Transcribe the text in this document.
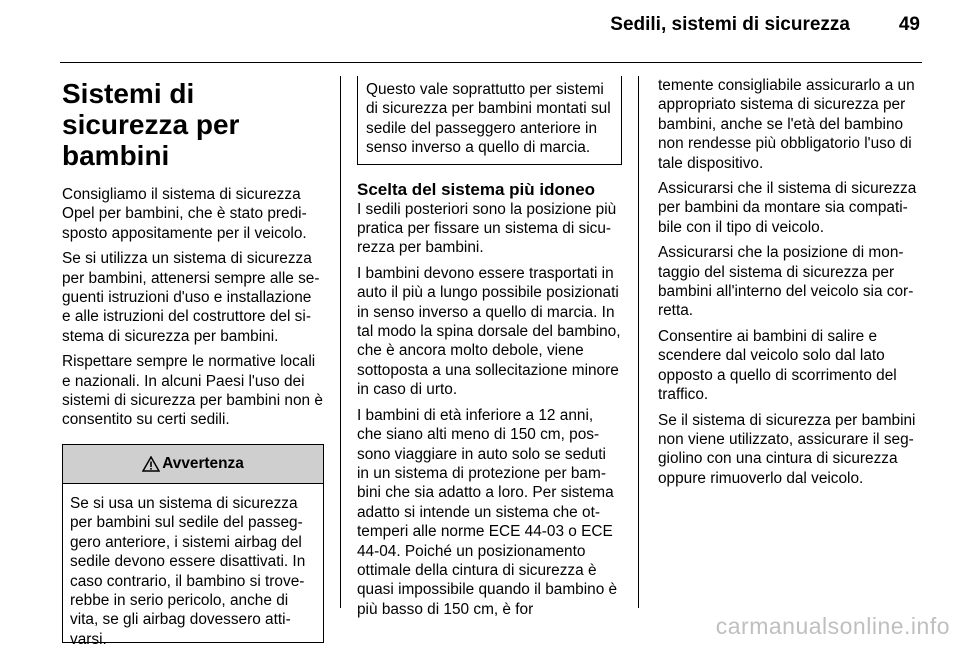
Sedili, sistemi di sicurezza	49
Sistemi di sicurezza per bambini

Consigliamo il sistema di sicurezza Opel per bambini, che è stato predisposto appositamente per il veicolo.

Se si utilizza un sistema di sicurezza per bambini, attenersi sempre alle seguenti istruzioni d'uso e installazione e alle istruzioni del costruttore del sistema di sicurezza per bambini.

Rispettare sempre le normative locali e nazionali. In alcuni Paesi l'uso dei sistemi di sicurezza per bambini non è consentito su certi sedili.

Avvertenza
Se si usa un sistema di sicurezza per bambini sul sedile del passeggero anteriore, i sistemi airbag del sedile devono essere disattivati. In caso contrario, il bambino si troverebbe in serio pericolo, anche di vita, se gli airbag dovessero attivarsi.
Questo vale soprattutto per sistemi di sicurezza per bambini montati sul sedile del passeggero anteriore in senso inverso a quello di marcia.
Scelta del sistema più idoneo

I sedili posteriori sono la posizione più pratica per fissare un sistema di sicurezza per bambini.

I bambini devono essere trasportati in auto il più a lungo possibile posizionati in senso inverso a quello di marcia. In tal modo la spina dorsale del bambino, che è ancora molto debole, viene sottoposta a una sollecitazione minore in caso di urto.

I bambini di età inferiore a 12 anni, che siano alti meno di 150 cm, possono viaggiare in auto solo se seduti in un sistema di protezione per bambini che sia adatto a loro. Per sistema adatto si intende un sistema che ottemperi alle norme ECE 44-03 o ECE 44-04. Poiché un posizionamento ottimale della cintura di sicurezza è quasi impossibile quando il bambino è più basso di 150 cm, è for

temente consigliabile assicurarlo a un appropriato sistema di sicurezza per bambini, anche se l'età del bambino non rendesse più obbligatorio l'uso di tale dispositivo.

Assicurarsi che il sistema di sicurezza per bambini da montare sia compatibile con il tipo di veicolo.

Assicurarsi che la posizione di montaggio del sistema di sicurezza per bambini all'interno del veicolo sia corretta.

Consentire ai bambini di salire e scendere dal veicolo solo dal lato opposto a quello di scorrimento del traffico.

Se il sistema di sicurezza per bambini non viene utilizzato, assicurare il seggiolino con una cintura di sicurezza oppure rimuoverlo dal veicolo.

carmanualsonline.info
